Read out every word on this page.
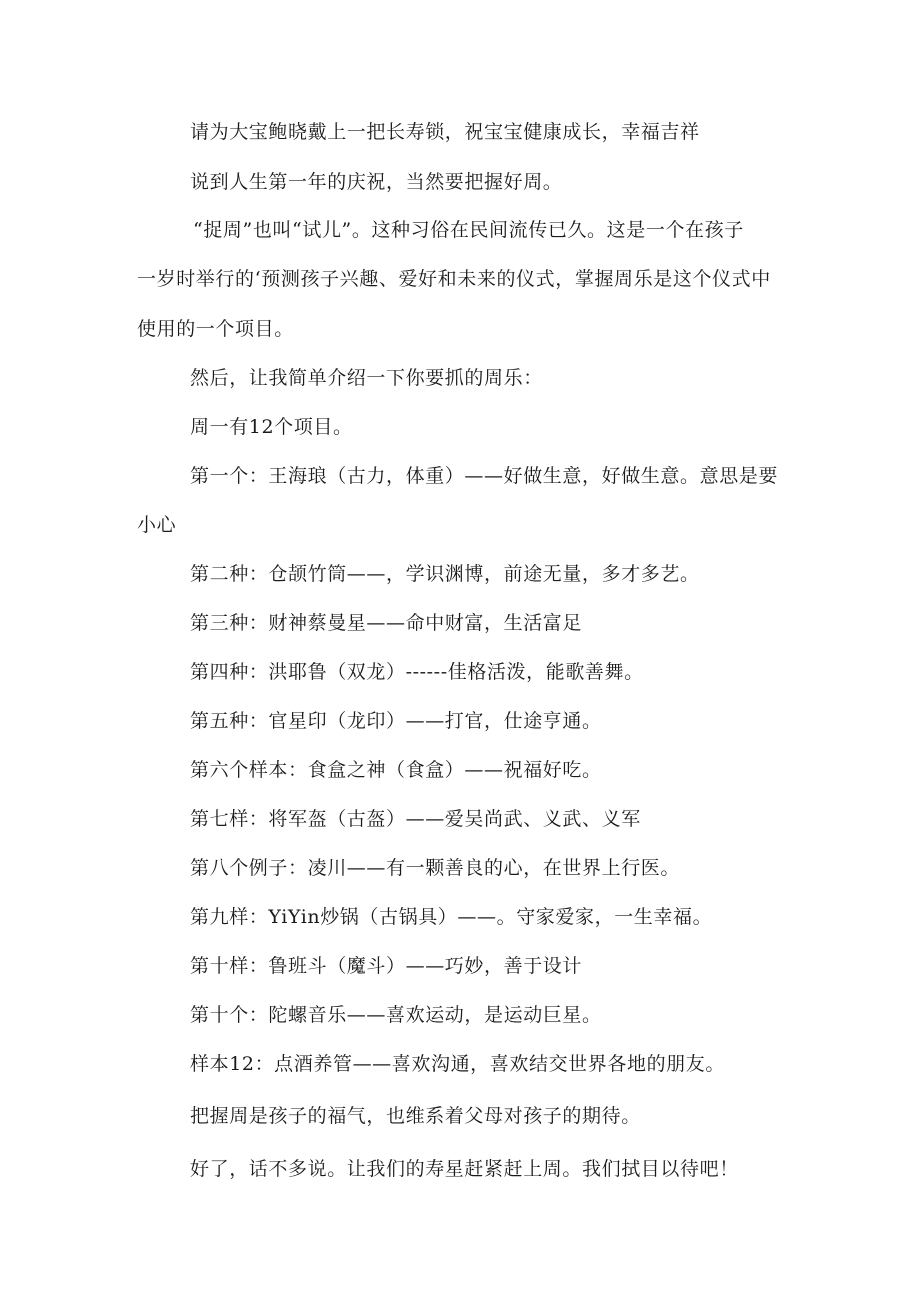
请为大宝鲍晓戴上一把长寿锁，祝宝宝健康成长，幸福吉祥
说到人生第一年的庆祝，当然要把握好周。
“捉周”也叫“试儿”。这种习俗在民间流传已久。这是一个在孩子
一岁时举行的‘预测孩子兴趣、爱好和未来的仪式，掌握周乐是这个仪式中
使用的一个项目。
然后，让我简单介绍一下你要抓的周乐：
周一有12个项目。
第一个：王海琅（古力，体重）——好做生意，好做生意。意思是要
小心
第二种：仓颉竹筒——，学识渊博，前途无量，多才多艺。
第三种：财神蔡曼星——命中财富，生活富足
第四种：洪耶鲁（双龙）------佳格活泼，能歌善舞。
第五种：官星印（龙印）——打官，仕途亨通。
第六个样本：食盒之神（食盒）——祝福好吃。
第七样：将军盔（古盔）——爱吴尚武、义武、义军
第八个例子：凌川——有一颗善良的心，在世界上行医。
第九样：YiYin炒锅（古锅具）——。守家爱家，一生幸福。
第十样：鲁班斗（魔斗）——巧妙，善于设计
第十个：陀螺音乐——喜欢运动，是运动巨星。
样本12：点酒养管——喜欢沟通，喜欢结交世界各地的朋友。
把握周是孩子的福气，也维系着父母对孩子的期待。
好了，话不多说。让我们的寿星赶紧赶上周。我们拭目以待吧！
